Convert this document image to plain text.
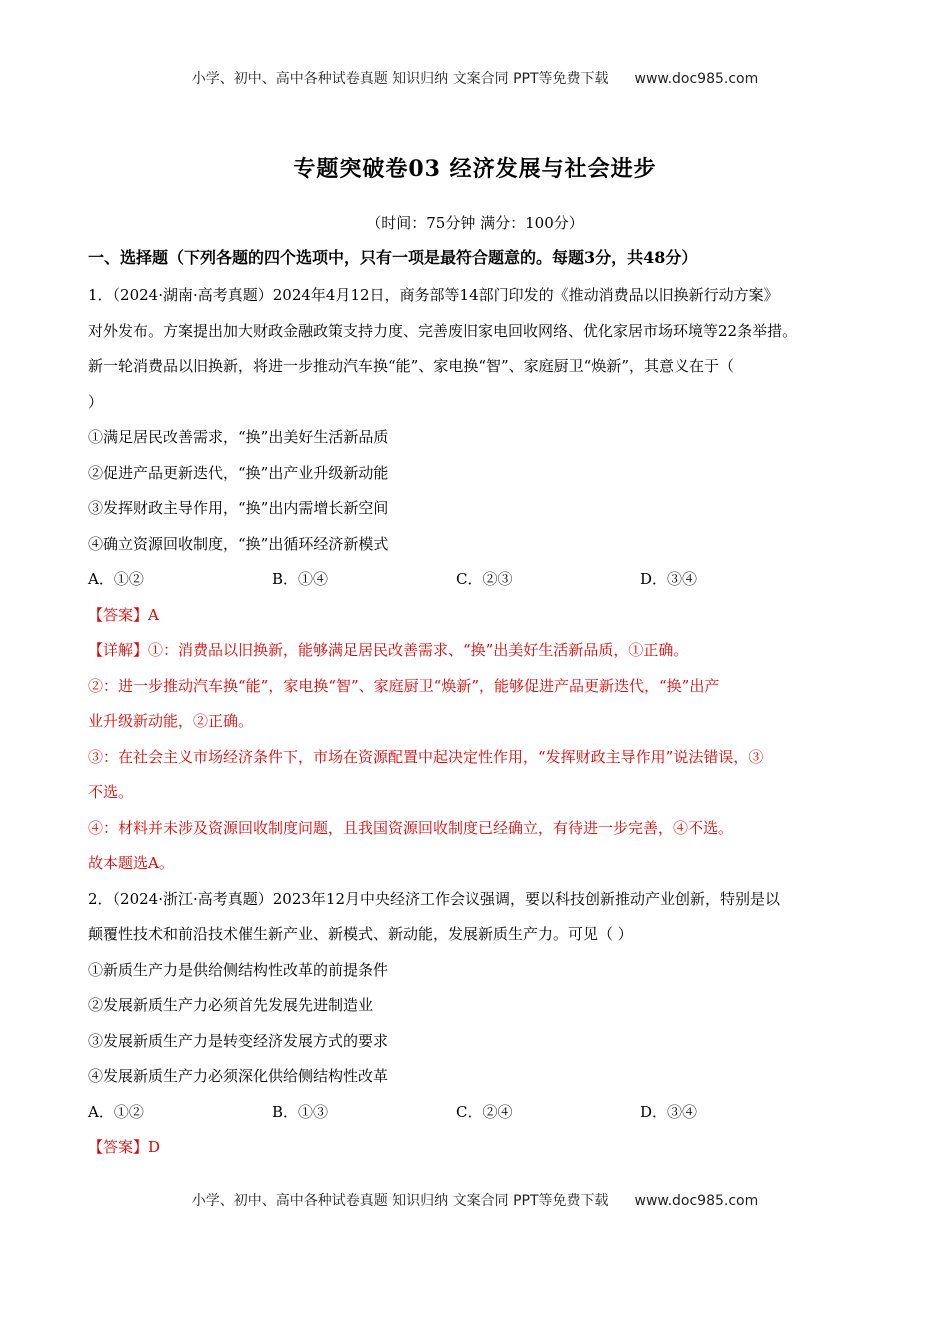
小学、初中、高中各种试卷真题 知识归纳 文案合同 PPT等免费下载 www.doc985.com
专题突破卷03 经济发展与社会进步
（时间：75分钟 满分：100分）
一、选择题（下列各题的四个选项中，只有一项是最符合题意的。每题3分，共48分）
1．（2024·湖南·高考真题）2024年4月12日，商务部等14部门印发的《推动消费品以旧换新行动方案》
对外发布。方案提出加大财政金融政策支持力度、完善废旧家电回收网络、优化家居市场环境等22条举措。
新一轮消费品以旧换新，将进一步推动汽车换“能”、家电换“智”、家庭厨卫“焕新”，其意义在于（
）
①满足居民改善需求，“换”出美好生活新品质
②促进产品更新迭代，“换”出产业升级新动能
③发挥财政主导作用，“换”出内需增长新空间
④确立资源回收制度，“换”出循环经济新模式
A．①②	B．①④	C．②③	D．③④
【答案】A
【详解】①：消费品以旧换新，能够满足居民改善需求、“换”出美好生活新品质，①正确。
②：进一步推动汽车换“能”，家电换“智”、家庭厨卫“焕新”，能够促进产品更新迭代，“换”出产
业升级新动能，②正确。
③：在社会主义市场经济条件下，市场在资源配置中起决定性作用，“发挥财政主导作用”说法错误，③
不选。
④：材料并未涉及资源回收制度问题，且我国资源回收制度已经确立，有待进一步完善，④不选。
故本题选A。
2．（2024·浙江·高考真题）2023年12月中央经济工作会议强调，要以科技创新推动产业创新，特别是以
颠覆性技术和前沿技术催生新产业、新模式、新动能，发展新质生产力。可见（ ）
①新质生产力是供给侧结构性改革的前提条件
②发展新质生产力必须首先发展先进制造业
③发展新质生产力是转变经济发展方式的要求
④发展新质生产力必须深化供给侧结构性改革
A．①②	B．①③	C．②④	D．③④
【答案】D
小学、初中、高中各种试卷真题 知识归纳 文案合同 PPT等免费下载 www.doc985.com
